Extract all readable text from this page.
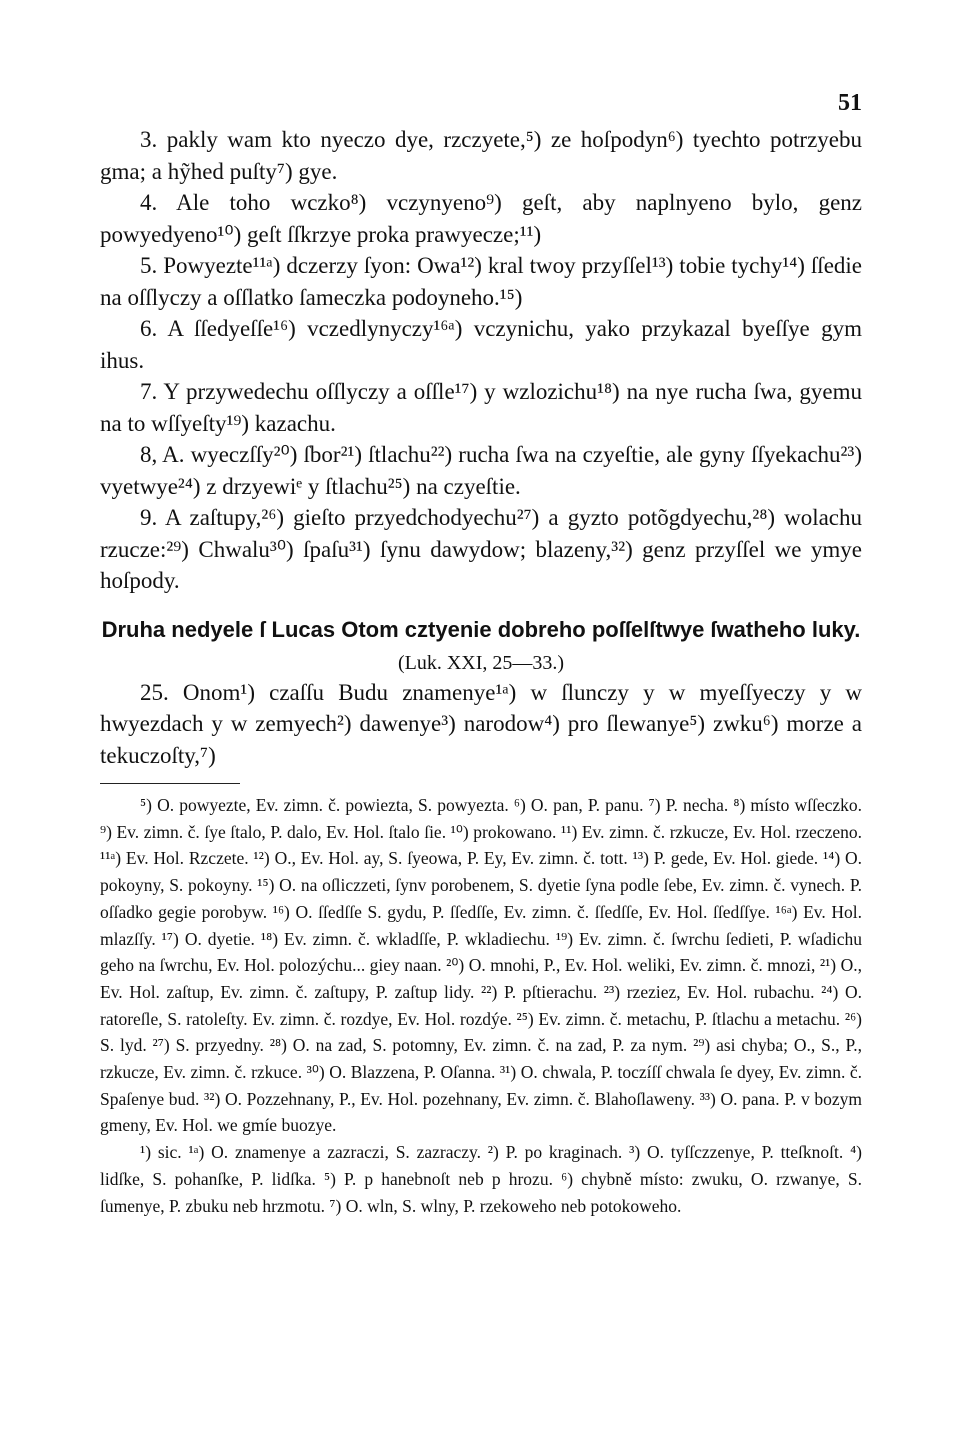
51

3. pakly wam kto nyeczo dye, rzczyete,⁵) ze hoſpodyn⁶) tyechto potrzyebu gma; a hỹhed puſty⁷) gye.

4. Ale toho wczko⁸) vczynyeno⁹) geſt, aby naplnyeno bylo, genz powyedyeno¹⁰) geſt ſſkrzye proka prawyecze;¹¹)

5. Powyezte¹¹ᵃ) dczerzy ſyon: Owa¹²) kral twoy przyſſel¹³) tobie tychy¹⁴) ſſedie na oſſlyczy a oſſlatko ſameczka podoyneho.¹⁵)

6. A ſſedyeſſe¹⁶) vczedlynyczy¹⁶ᵃ) vczynichu, yako przykazal byeſſye gym ihus.

7. Y przywedechu oſſlyczy a oſſle¹⁷) y wzlozichu¹⁸) na nye rucha ſwa, gyemu na to wſſyeſty¹⁹) kazachu.

8, A. wyeczſſy²⁰) ſbor²¹) ſtlachu²²) rucha ſwa na czyeſtie, ale gyny ſſyekachu²³) vyetwye²⁴) z drzyewiᵉ y ſtlachu²⁵) na czyeſtie.

9. A zaſtupy,²⁶) gieſto przyedchodyechu²⁷) a gyzto potõgdyechu,²⁸) wolachu rzucze:²⁹) Chwalu³⁰) ſpaſu³¹) ſynu dawydow; blazeny,³²) genz przyſſel we ymye hoſpody.

Druha nedyele ſ Lucas Otom cztyenie dobreho poſſelſtwye ſwatheho luky.
(Luk. XXI, 25—33.)

25. Onom¹) czaſſu Budu znamenye¹ᵃ) w ſlunczy y w myeſſyeczy y w hwyezdach y w zemyech²) dawenye³) narodow⁴) pro ſlewanye⁵) zwku⁶) morze a tekuczoſty,⁷)

⁵) O. powyezte, Ev. zimn. č. powiezta, S. powyezta. ⁶) O. pan, P. panu. ⁷) P. necha. ⁸) místo wſſeczko. ⁹) Ev. zimn. č. ſye ſtalo, P. dalo, Ev. Hol. ſtalo ſie. ¹⁰) prokowano. ¹¹) Ev. zimn. č. rzkucze, Ev. Hol. rzeczeno. ¹¹ᵃ) Ev. Hol. Rzczete. ¹²) O., Ev. Hol. ay, S. ſyeowa, P. Ey, Ev. zimn. č. tott. ¹³) P. gede, Ev. Hol. giede. ¹⁴) O. pokoyny, S. pokoyny. ¹⁵) O. na oſliczzeti, ſynv porobenem, S. dyetie ſyna podle ſebe, Ev. zimn. č. vynech. P. oſſadko gegie porobyw. ¹⁶) O. ſſedſſe S. gydu, P. ſſedſſe, Ev. zimn. č. ſſedſſe, Ev. Hol. ſſedſſye. ¹⁶ᵃ) Ev. Hol. mlazſſy. ¹⁷) O. dyetie. ¹⁸) Ev. zimn. č. wkladſſe, P. wkladiechu. ¹⁹) Ev. zimn. č. ſwrchu ſedieti, P. wſadichu geho na ſwrchu, Ev. Hol. polozýchu... giey naan. ²⁰) O. mnohi, P., Ev. Hol. weliki, Ev. zimn. č. mnozi, ²¹) O., Ev. Hol. zaſtup, Ev. zimn. č. zaſtupy, P. zaſtup lidy. ²²) P. pſtierachu. ²³) rzeziez, Ev. Hol. rubachu. ²⁴) O. ratoreſle, S. ratoleſty. Ev. zimn. č. rozdye, Ev. Hol. rozdýe. ²⁵) Ev. zimn. č. metachu, P. ſtlachu a metachu. ²⁶) S. lyd. ²⁷) S. przyedny. ²⁸) O. na zad, S. potomny, Ev. zimn. č. na zad, P. za nym. ²⁹) asi chyba; O., S., P., rzkucze, Ev. zimn. č. rzkuce. ³⁰) O. Blazzena, P. Oſanna. ³¹) O. chwala, P. toczíſſ chwala ſe dyey, Ev. zimn. č. Spaſenye bud. ³²) O. Pozzehnany, P., Ev. Hol. pozehnany, Ev. zimn. č. Blahoſlaweny. ³³) O. pana. P. v bozym gmeny, Ev. Hol. we gmíe buozye.

¹) sic. ¹ᵃ) O. znamenye a zazraczi, S. zazraczy. ²) P. po kraginach. ³) O. tyſſczzenye, P. tteſknoſt. ⁴) lidſke, S. pohanſke, P. lidſka. ⁵) P. p hanebnoſt neb p hrozu. ⁶) chybně místo: zwuku, O. rzwanye, S. ſumenye, P. zbuku neb hrzmotu. ⁷) O. wln, S. wlny, P. rzekoweho neb potokoweho.
